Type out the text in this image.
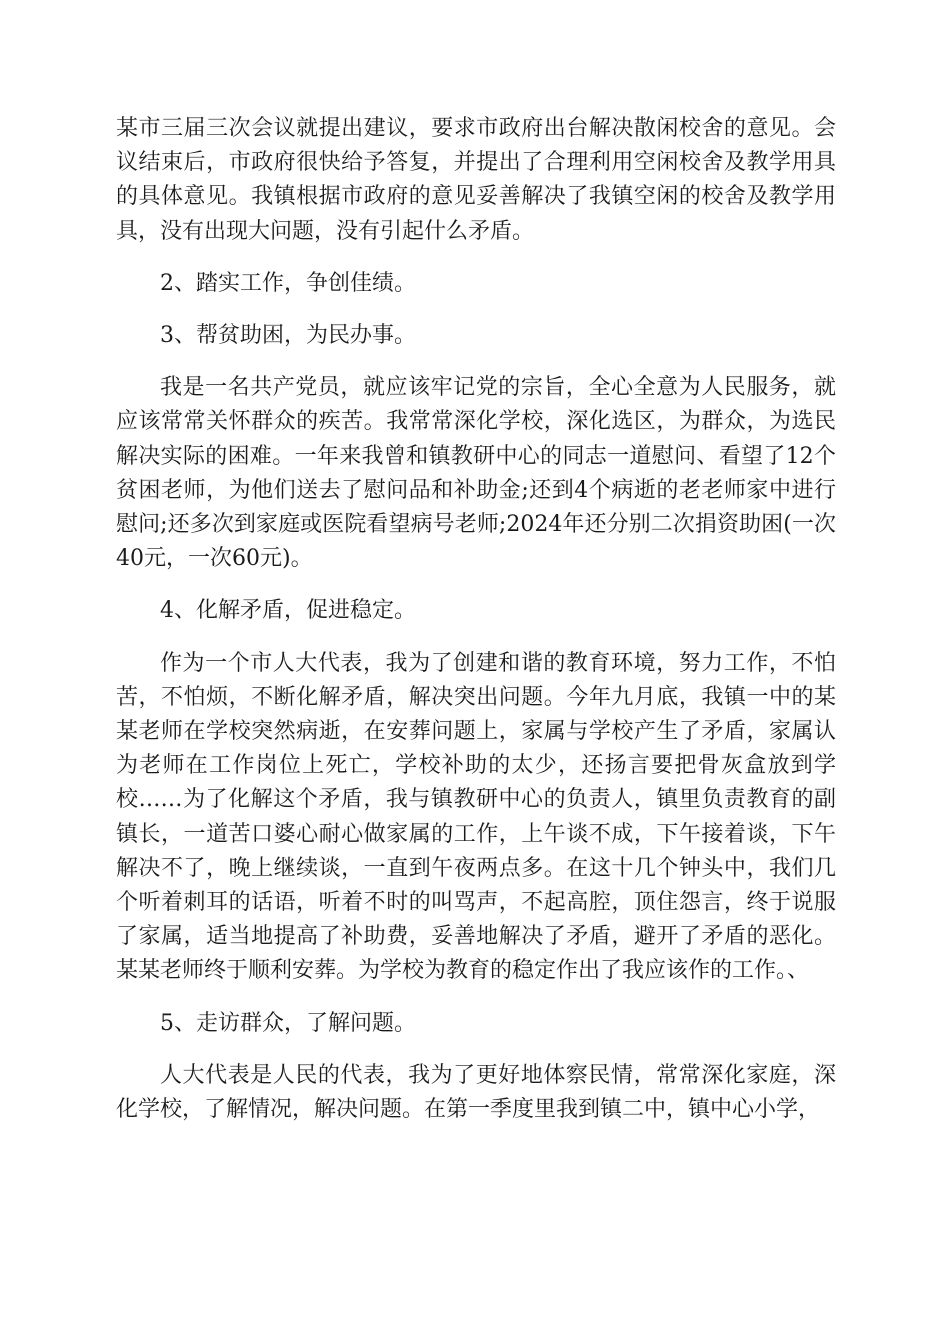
某市三届三次会议就提出建议，要求市政府出台解决散闲校舍的意见。会议结束后，市政府很快给予答复，并提出了合理利用空闲校舍及教学用具的具体意见。我镇根据市政府的意见妥善解决了我镇空闲的校舍及教学用具，没有出现大问题，没有引起什么矛盾。

2、踏实工作，争创佳绩。

3、帮贫助困，为民办事。

我是一名共产党员，就应该牢记党的宗旨，全心全意为人民服务，就应该常常关怀群众的疾苦。我常常深化学校，深化选区，为群众，为选民解决实际的困难。一年来我曾和镇教研中心的同志一道慰问、看望了12个贫困老师，为他们送去了慰问品和补助金;还到4个病逝的老老师家中进行慰问;还多次到家庭或医院看望病号老师;2024年还分别二次捐资助困(一次40元，一次60元)。

4、化解矛盾，促进稳定。

作为一个市人大代表，我为了创建和谐的教育环境，努力工作，不怕苦，不怕烦，不断化解矛盾，解决突出问题。今年九月底，我镇一中的某某老师在学校突然病逝，在安葬问题上，家属与学校产生了矛盾，家属认为老师在工作岗位上死亡，学校补助的太少，还扬言要把骨灰盒放到学校……为了化解这个矛盾，我与镇教研中心的负责人，镇里负责教育的副镇长，一道苦口婆心耐心做家属的工作，上午谈不成，下午接着谈，下午解决不了，晚上继续谈，一直到午夜两点多。在这十几个钟头中，我们几个听着刺耳的话语，听着不时的叫骂声，不起高腔，顶住怨言，终于说服了家属，适当地提高了补助费，妥善地解决了矛盾，避开了矛盾的恶化。某某老师终于顺利安葬。为学校为教育的稳定作出了我应该作的工作。、

5、走访群众，了解问题。

人大代表是人民的代表，我为了更好地体察民情，常常深化家庭，深化学校，了解情况，解决问题。在第一季度里我到镇二中，镇中心小学，
